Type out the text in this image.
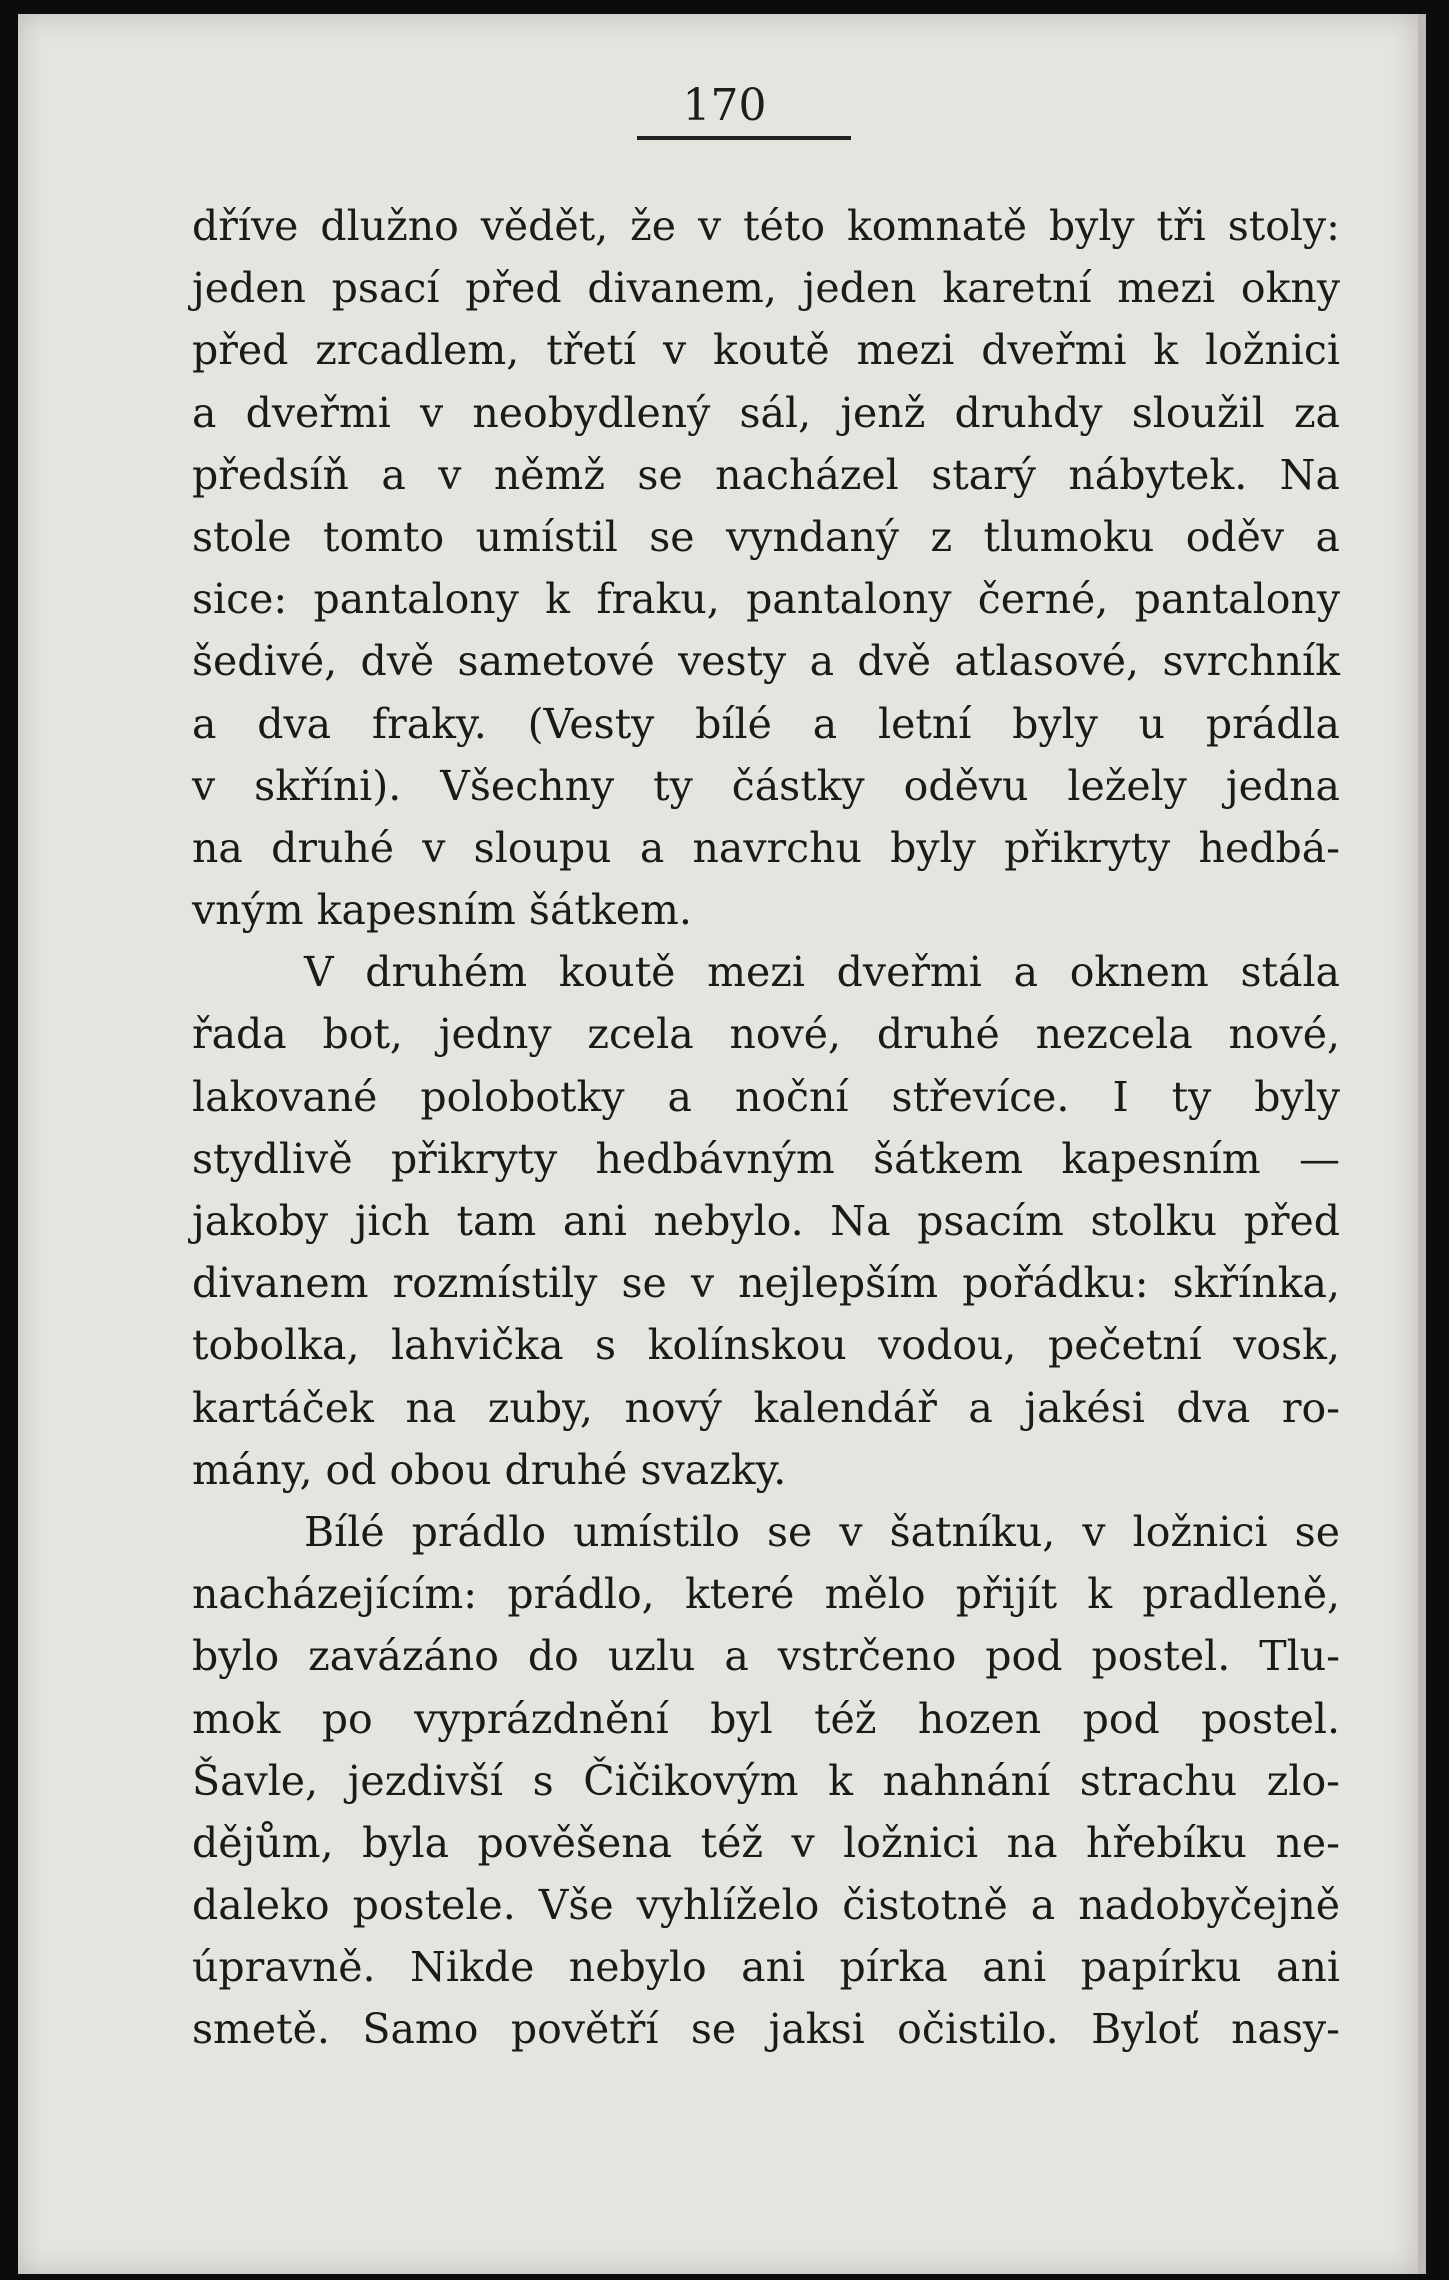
170
dříve dlužno vědět, že v této komnatě byly tři stoly:
jeden psací před divanem, jeden karetní mezi okny
před zrcadlem, třetí v koutě mezi dveřmi k ložnici
a dveřmi v neobydlený sál, jenž druhdy sloužil za
předsíň a v němž se nacházel starý nábytek. Na
stole tomto umístil se vyndaný z tlumoku oděv a
sice: pantalony k fraku, pantalony černé, pantalony
šedivé, dvě sametové vesty a dvě atlasové, svrchník
a dva fraky. (Vesty bílé a letní byly u prádla
v skříni). Všechny ty částky oděvu ležely jedna
na druhé v sloupu a navrchu byly přikryty hedbá-
vným kapesním šátkem.
V druhém koutě mezi dveřmi a oknem stála
řada bot, jedny zcela nové, druhé nezcela nové,
lakované polobotky a noční střevíce. I ty byly
stydlivě přikryty hedbávným šátkem kapesním —
jakoby jich tam ani nebylo. Na psacím stolku před
divanem rozmístily se v nejlepším pořádku: skřínka,
tobolka, lahvička s kolínskou vodou, pečetní vosk,
kartáček na zuby, nový kalendář a jakési dva ro-
mány, od obou druhé svazky.
Bílé prádlo umístilo se v šatníku, v ložnici se
nacházejícím: prádlo, které mělo přijít k pradleně,
bylo zavázáno do uzlu a vstrčeno pod postel. Tlu-
mok po vyprázdnění byl též hozen pod postel.
Šavle, jezdivší s Čičikovým k nahnání strachu zlo-
dějům, byla pověšena též v ložnici na hřebíku ne-
daleko postele. Vše vyhlíželo čistotně a nadobyčejně
úpravně. Nikde nebylo ani pírka ani papírku ani
smetě. Samo povětří se jaksi očistilo. Byloť nasy-
